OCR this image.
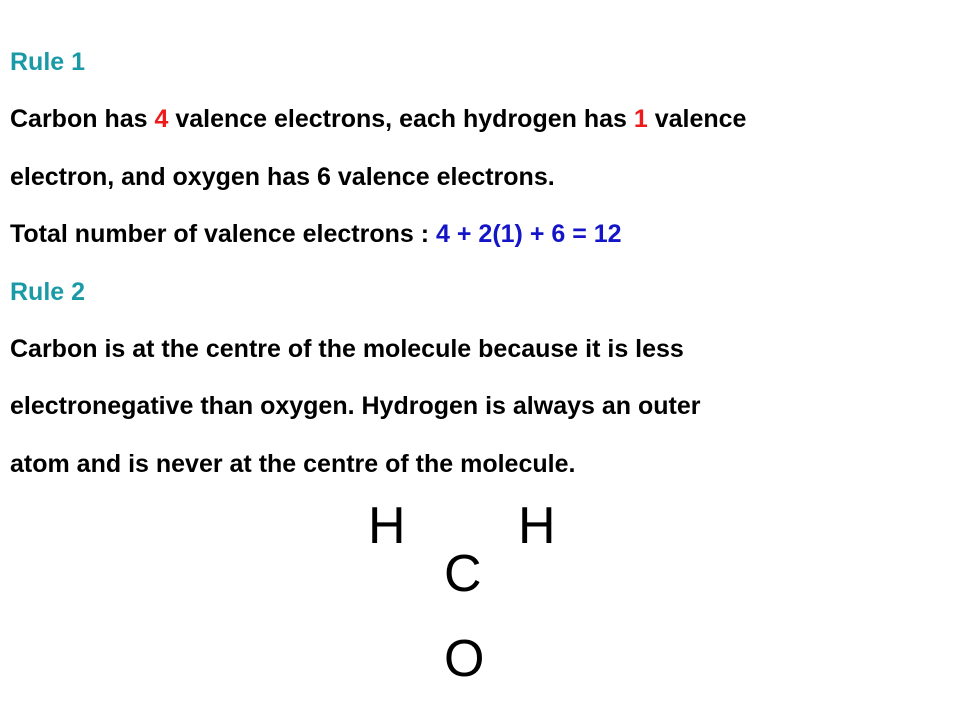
Rule 1
Carbon has 4 valence electrons, each hydrogen has 1 valence
electron, and oxygen has 6 valence electrons.
Total number of valence electrons : 4 + 2(1) + 6 = 12
Rule 2
Carbon is at the centre of the molecule because it is less
electronegative than oxygen. Hydrogen is always an outer
atom and is never at the centre of the molecule.
H H
C
O
